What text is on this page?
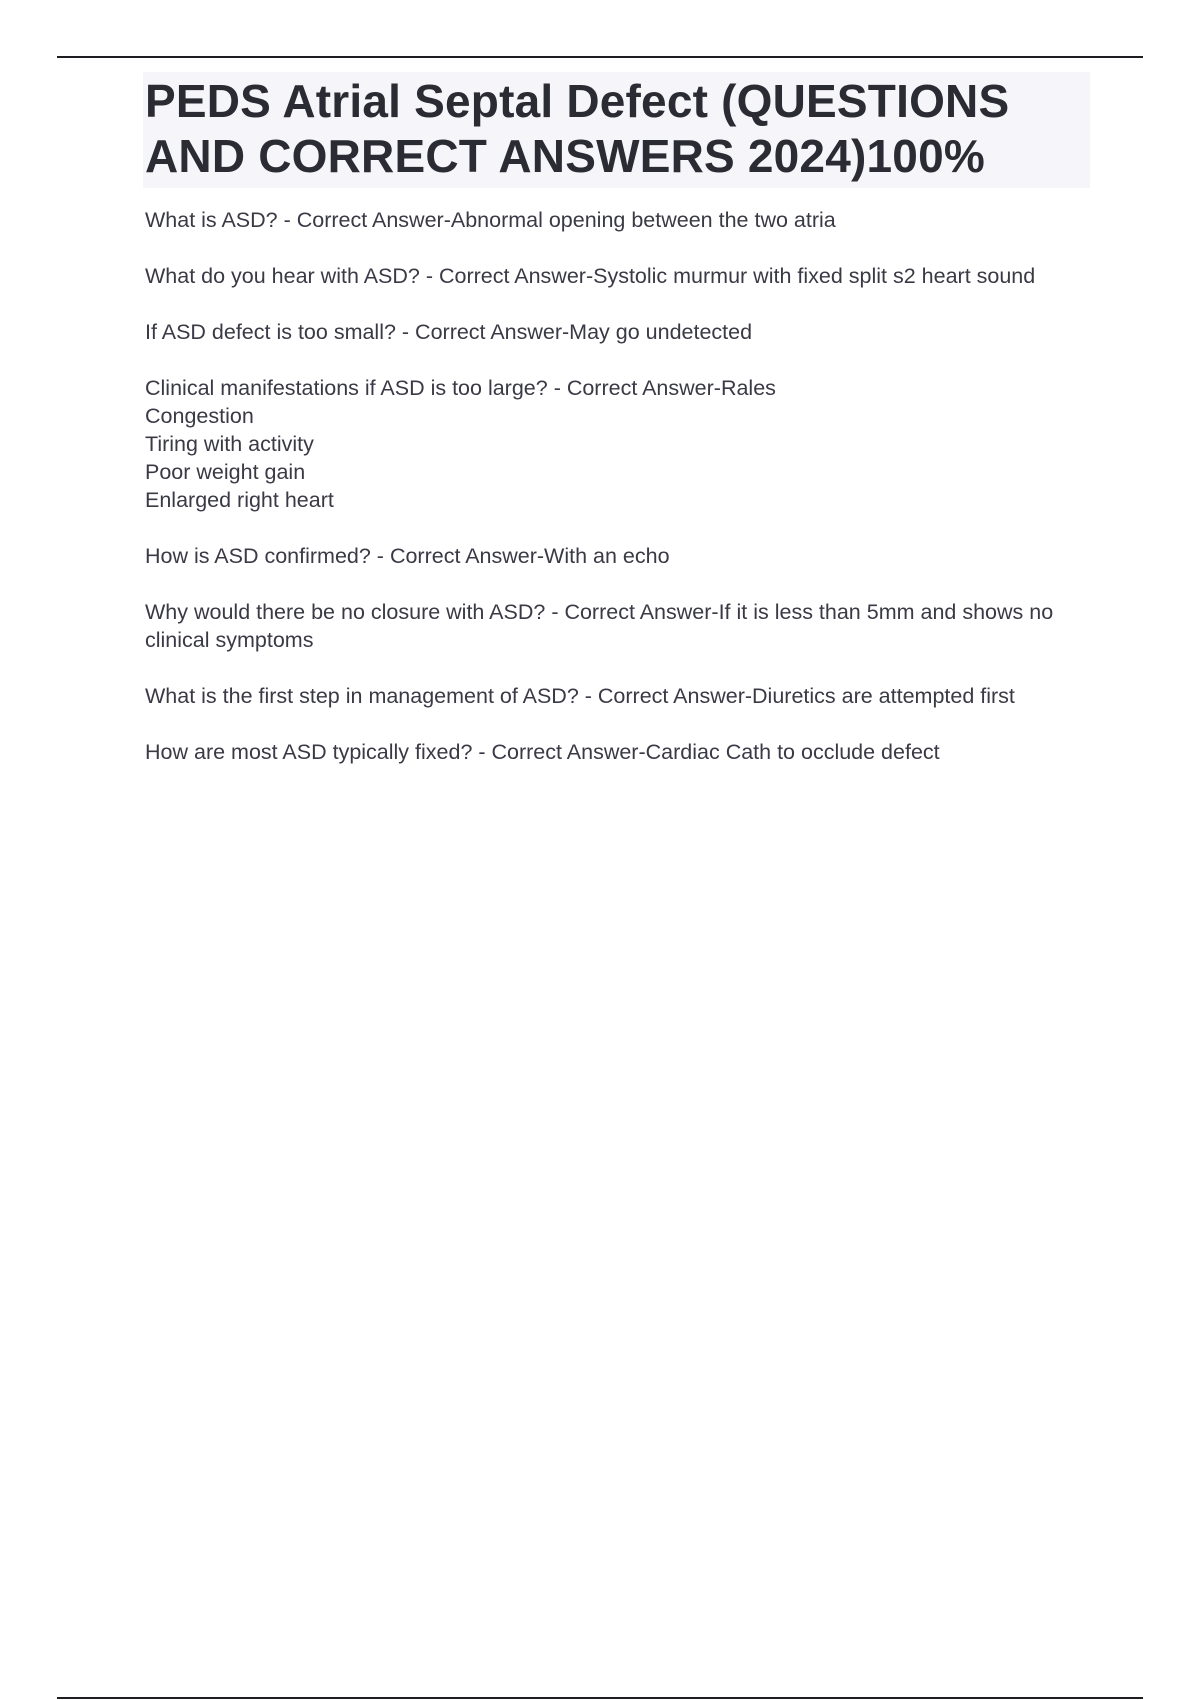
PEDS Atrial Septal Defect (QUESTIONS AND CORRECT ANSWERS 2024)100%
What is ASD? - Correct Answer-Abnormal opening between the two atria
What do you hear with ASD? - Correct Answer-Systolic murmur with fixed split s2 heart sound
If ASD defect is too small? - Correct Answer-May go undetected
Clinical manifestations if ASD is too large? - Correct Answer-Rales
Congestion
Tiring with activity
Poor weight gain
Enlarged right heart
How is ASD confirmed? - Correct Answer-With an echo
Why would there be no closure with ASD? - Correct Answer-If it is less than 5mm and shows no clinical symptoms
What is the first step in management of ASD? - Correct Answer-Diuretics are attempted first
How are most ASD typically fixed? - Correct Answer-Cardiac Cath to occlude defect
